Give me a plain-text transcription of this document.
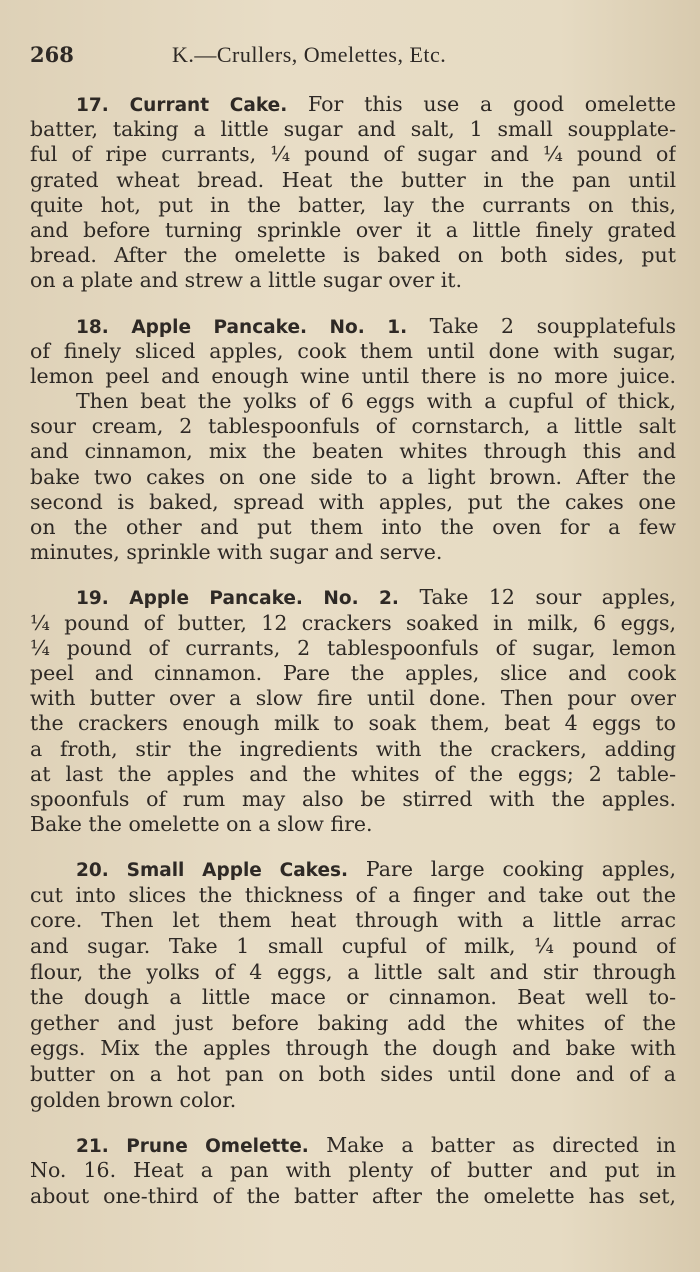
268	K.—Crullers, Omelettes, Etc.
17. Currant Cake. For this use a good omelette
batter, taking a little sugar and salt, 1 small soupplate-
ful of ripe currants, ¼ pound of sugar and ¼ pound of
grated wheat bread. Heat the butter in the pan until
quite hot, put in the batter, lay the currants on this,
and before turning sprinkle over it a little finely grated
bread. After the omelette is baked on both sides, put
on a plate and strew a little sugar over it.
18. Apple Pancake. No. 1. Take 2 soupplatefuls
of finely sliced apples, cook them until done with sugar,
lemon peel and enough wine until there is no more juice.
Then beat the yolks of 6 eggs with a cupful of thick,
sour cream, 2 tablespoonfuls of cornstarch, a little salt
and cinnamon, mix the beaten whites through this and
bake two cakes on one side to a light brown. After the
second is baked, spread with apples, put the cakes one
on the other and put them into the oven for a few
minutes, sprinkle with sugar and serve.
19. Apple Pancake. No. 2. Take 12 sour apples,
¼ pound of butter, 12 crackers soaked in milk, 6 eggs,
¼ pound of currants, 2 tablespoonfuls of sugar, lemon
peel and cinnamon. Pare the apples, slice and cook
with butter over a slow fire until done. Then pour over
the crackers enough milk to soak them, beat 4 eggs to
a froth, stir the ingredients with the crackers, adding
at last the apples and the whites of the eggs; 2 table-
spoonfuls of rum may also be stirred with the apples.
Bake the omelette on a slow fire.
20. Small Apple Cakes. Pare large cooking apples,
cut into slices the thickness of a finger and take out the
core. Then let them heat through with a little arrac
and sugar. Take 1 small cupful of milk, ¼ pound of
flour, the yolks of 4 eggs, a little salt and stir through
the dough a little mace or cinnamon. Beat well to-
gether and just before baking add the whites of the
eggs. Mix the apples through the dough and bake with
butter on a hot pan on both sides until done and of a
golden brown color.
21. Prune Omelette. Make a batter as directed in
No. 16. Heat a pan with plenty of butter and put in
about one-third of the batter after the omelette has set,
